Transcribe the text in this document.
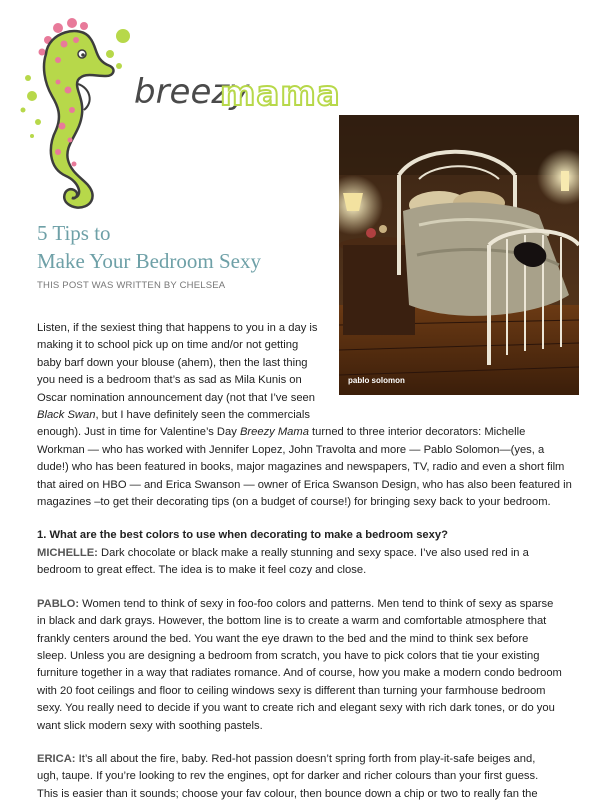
breezy
mama
pablo solomon
5 Tips to
Make Your Bedroom Sexy
THIS POST WAS WRITTEN BY CHELSEA
Listen, if the sexiest thing that happens to you in a day is
making it to school pick up on time and/or not getting
baby barf down your blouse (ahem), then the last thing
you need is a bedroom that’s as sad as Mila Kunis on
Oscar nomination announcement day (not that I’ve seen
Black Swan, but I have definitely seen the commercials
enough). Just in time for Valentine’s Day Breezy Mama turned to three interior decorators: Michelle
Workman — who has worked with Jennifer Lopez, John Travolta and more — Pablo Solomon—(yes, a
dude!) who has been featured in books, major magazines and newspapers, TV, radio and even a short film
that aired on HBO — and Erica Swanson — owner of Erica Swanson Design, who has also been featured in
magazines –to get their decorating tips (on a budget of course!) for bringing sexy back to your bedroom.
1. What are the best colors to use when decorating to make a bedroom sexy?
MICHELLE: Dark chocolate or black make a really stunning and sexy space. I’ve also used red in a
bedroom to great effect. The idea is to make it feel cozy and close.
PABLO: Women tend to think of sexy in foo-foo colors and patterns. Men tend to think of sexy as sparse
in black and dark grays. However, the bottom line is to create a warm and comfortable atmosphere that
frankly centers around the bed. You want the eye drawn to the bed and the mind to think sex before
sleep. Unless you are designing a bedroom from scratch, you have to pick colors that tie your existing
furniture together in a way that radiates romance. And of course, how you make a modern condo bedroom
with 20 foot ceilings and floor to ceiling windows sexy is different than turning your farmhouse bedroom
sexy. You really need to decide if you want to create rich and elegant sexy with rich dark tones, or do you
want slick modern sexy with soothing pastels.
ERICA: It’s all about the fire, baby. Red-hot passion doesn’t spring forth from play-it-safe beiges and,
ugh, taupe. If you’re looking to rev the engines, opt for darker and richer colours than your first guess.
This is easier than it sounds; choose your fav colour, then bounce down a chip or two to really fan the
